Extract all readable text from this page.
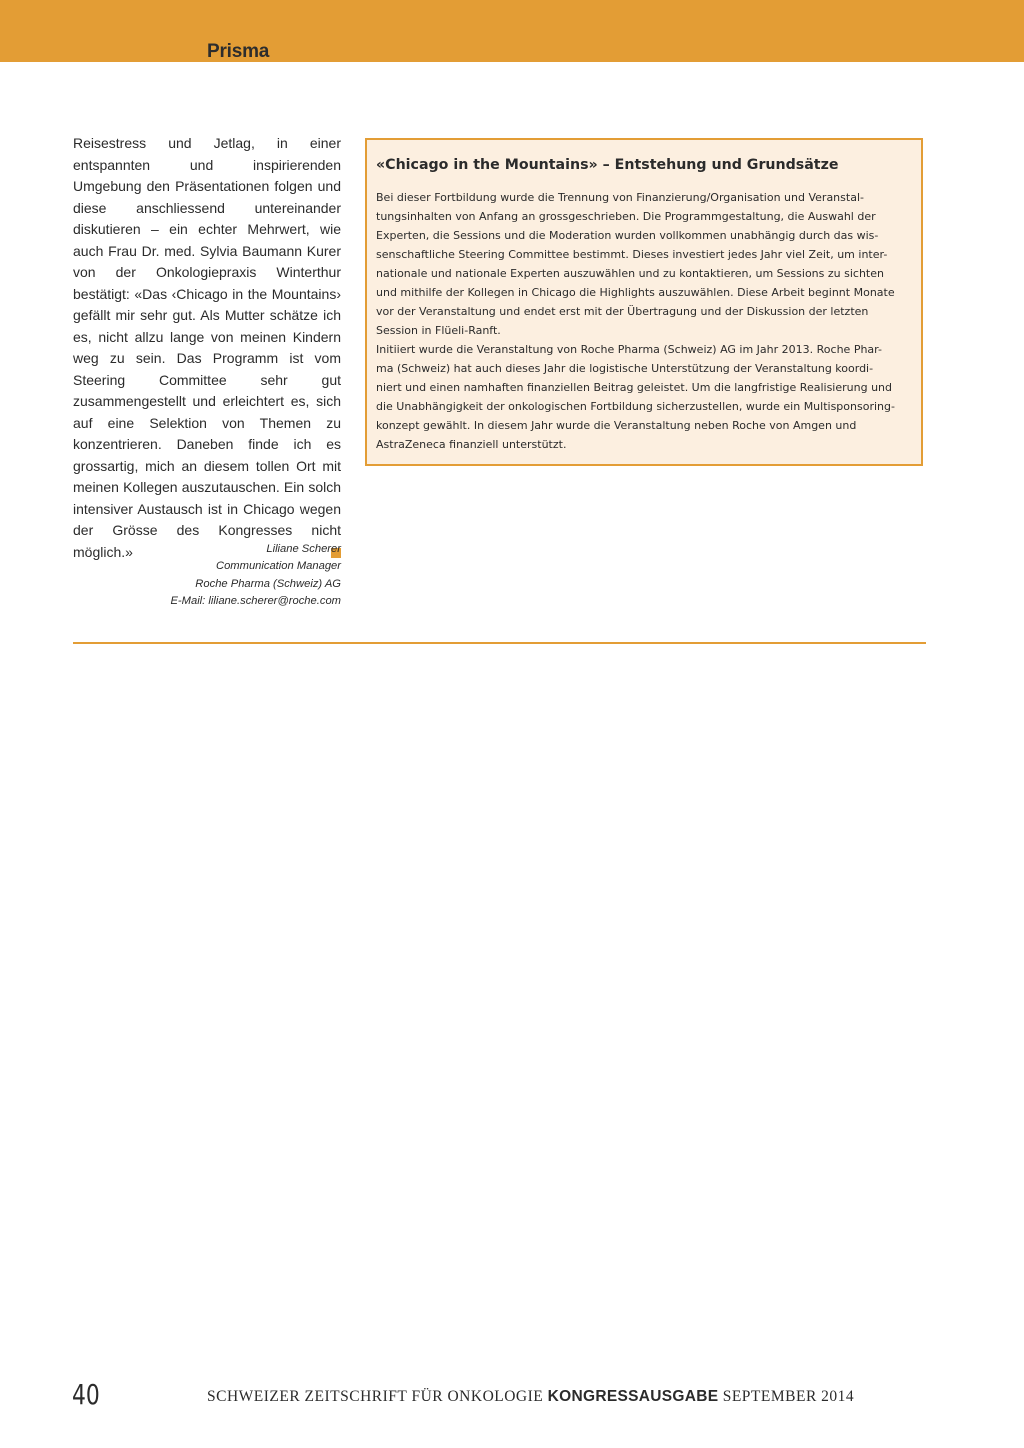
Prisma

Reisestress und Jetlag, in einer entspannten und inspirierenden Umgebung den Präsentationen folgen und diese anschliessend untereinander diskutieren – ein echter Mehrwert, wie auch Frau Dr. med. Sylvia Baumann Kurer von der Onkologiepraxis Winterthur bestätigt: «Das ‹Chicago in the Mountains› gefällt mir sehr gut. Als Mutter schätze ich es, nicht allzu lange von meinen Kindern weg zu sein. Das Programm ist vom Steering Committee sehr gut zusammengestellt und erleichtert es, sich auf eine Selektion von Themen zu konzentrieren. Daneben finde ich es grossartig, mich an diesem tollen Ort mit meinen Kollegen auszutauschen. Ein solch intensiver Austausch ist in Chicago wegen der Grösse des Kongresses nicht möglich.»	Liliane Scherer
Communication Manager
Roche Pharma (Schweiz) AG
E-Mail: liliane.scherer@roche.com
«Chicago in the Mountains» – Entstehung und Grundsätze
Bei dieser Fortbildung wurde die Trennung von Finanzierung/Organisation und Veranstal-
tungsinhalten von Anfang an grossgeschrieben. Die Programmgestaltung, die Auswahl der
Experten, die Sessions und die Moderation wurden vollkommen unabhängig durch das wis-
senschaftliche Steering Committee bestimmt. Dieses investiert jedes Jahr viel Zeit, um inter-
nationale und nationale Experten auszuwählen und zu kontaktieren, um Sessions zu sichten
und mithilfe der Kollegen in Chicago die Highlights auszuwählen. Diese Arbeit beginnt Monate
vor der Veranstaltung und endet erst mit der Übertragung und der Diskussion der letzten
Session in Flüeli-Ranft.
Initiiert wurde die Veranstaltung von Roche Pharma (Schweiz) AG im Jahr 2013. Roche Phar-
ma (Schweiz) hat auch dieses Jahr die logistische Unterstützung der Veranstaltung koordi-
niert und einen namhaften finanziellen Beitrag geleistet. Um die langfristige Realisierung und
die Unabhängigkeit der onkologischen Fortbildung sicherzustellen, wurde ein Multisponsoring-
konzept gewählt. In diesem Jahr wurde die Veranstaltung neben Roche von Amgen und
AstraZeneca finanziell unterstützt.
40	SCHWEIZER ZEITSCHRIFT FÜR ONKOLOGIE KONGRESSAUSGABE SEPTEMBER 2014
